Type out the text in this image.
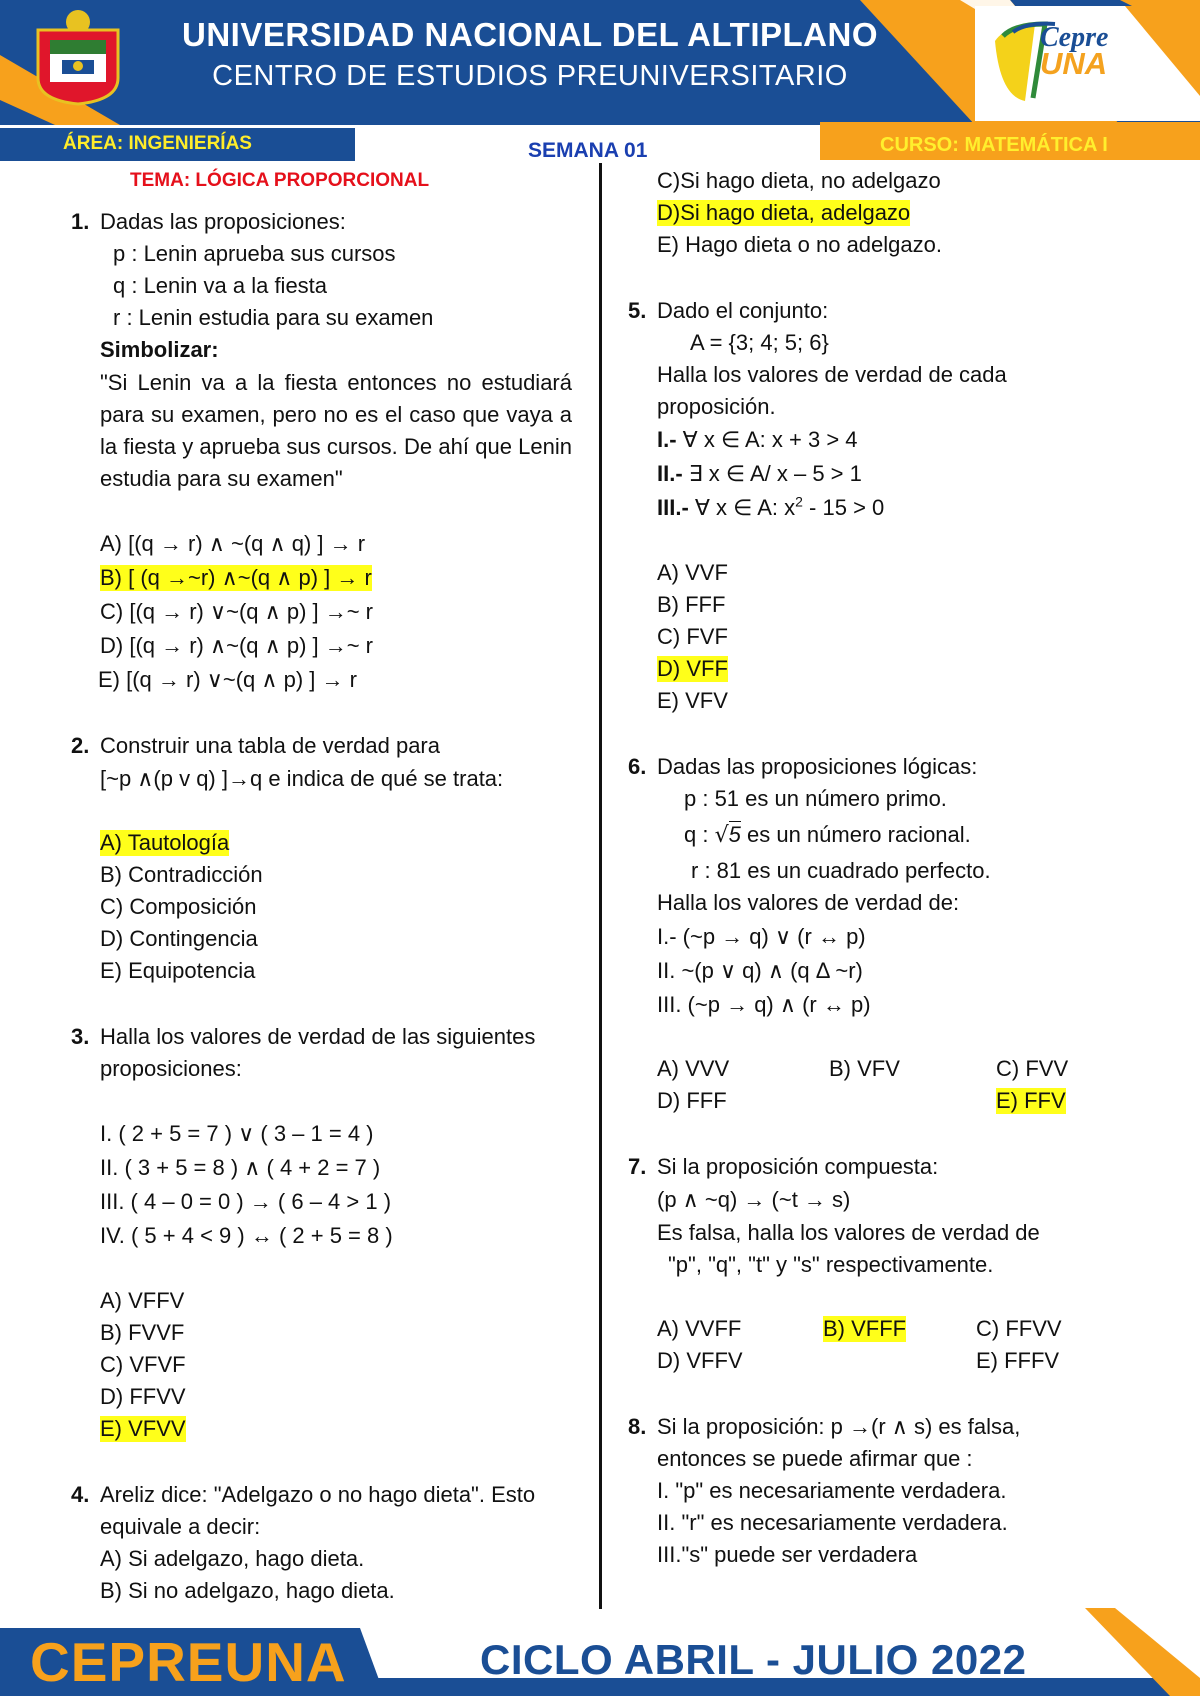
UNIVERSIDAD NACIONAL DEL ALTIPLANO
CENTRO DE ESTUDIOS PREUNIVERSITARIO
Cepre
UNA
ÁREA: INGENIERÍAS	SEMANA 01	CURSO: MATEMÁTICA I
TEMA: LÓGICA PROPORCIONAL
1. Dadas las proposiciones:
p : Lenin aprueba sus cursos
q : Lenin va a la fiesta
r : Lenin estudia para su examen
Simbolizar:
"Si Lenin va a la fiesta entonces no estudiará para su examen, pero no es el caso que vaya a la fiesta y aprueba sus cursos. De ahí que Lenin estudia para su examen"
A) [(q → r) ∧ ~(q ∧ q) ] → r
B) [ (q →~r) ∧~(q ∧ p) ] → r
C) [(q → r) ∨~(q ∧ p) ] →~ r
D) [(q → r) ∧~(q ∧ p) ] →~ r
E) [(q → r) ∨~(q ∧ p) ] → r
2. Construir una tabla de verdad para
[~p ∧(p v q) ]→q e indica de qué se trata:
A) Tautología
B) Contradicción
C) Composición
D) Contingencia
E) Equipotencia
3. Halla los valores de verdad de las siguientes
proposiciones:
I. ( 2 + 5 = 7 ) ∨ ( 3 – 1 = 4 )
II. ( 3 + 5 = 8 ) ∧ ( 4 + 2 = 7 )
III. ( 4 – 0 = 0 ) → ( 6 – 4 > 1 )
IV. ( 5 + 4 < 9 ) ↔ ( 2 + 5 = 8 )
A) VFFV
B) FVVF
C) VFVF
D) FFVV
E) VFVV
4. Areliz dice: "Adelgazo o no hago dieta". Esto
equivale a decir:
A) Si adelgazo, hago dieta.
B) Si no adelgazo, hago dieta.
C)Si hago dieta, no adelgazo
D)Si hago dieta, adelgazo
E) Hago dieta o no adelgazo.
5. Dado el conjunto:
A = {3; 4; 5; 6}
Halla los valores de verdad de cada
proposición.
I.- ∀ x ∈ A: x + 3 > 4
II.- ∃ x ∈ A/ x – 5 > 1
III.- ∀ x ∈ A: $x^2 - 15 > 0$
A) VVF
B) FFF
C) FVF
D) VFF
E) VFV
6. Dadas las proposiciones lógicas:
p : 51 es un número primo.
q : √5 es un número racional.
r : 81 es un cuadrado perfecto.
Halla los valores de verdad de:
I.- (~p → q) ∨ (r ↔ p)
II. ~(p ∨ q) ∧ (q Δ ~r)
III. (~p → q) ∧ (r ↔ p)
A) VVV	B) VFV	C) FVV
D) FFF	E) FFV
7. Si la proposición compuesta:
(p ∧ ~q) → (~t → s)
Es falsa, halla los valores de verdad de
"p", "q", "t" y "s" respectivamente.
A) VVFF	B) VFFF	C) FFVV
D) VFFV	E) FFFV
8. Si la proposición: p →(r ∧ s) es falsa,
entonces se puede afirmar que :
I. "p" es necesariamente verdadera.
II. "r" es necesariamente verdadera.
III."s" puede ser verdadera
CEPREUNA	CICLO ABRIL - JULIO 2022
